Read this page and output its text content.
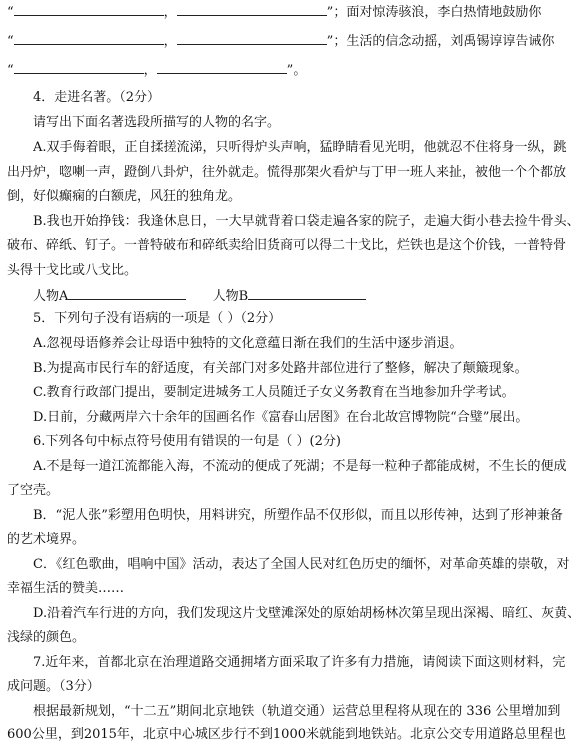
“	，	”；面对惊涛骇浪，李白热情地鼓励你
“	，	”；生活的信念动摇，刘禹锡谆谆告诫你
“	，	”。
4．走进名著。（2分）
请写出下面名著选段所描写的人物的名字。
A.双手侮着眼，正自揉搓流涕，只听得炉头声响，猛睁睛看见光明，他就忍不住将身一纵，跳
出丹炉，唿喇一声，蹬倒八卦炉，往外就走。慌得那架火看炉与丁甲一班人来扯，被他一个个都放
倒，好似癫痫的白额虎，风狂的独角龙。
B.我也开始挣钱：我逢休息日，一大早就背着口袋走遍各家的院子，走遍大街小巷去捡牛骨头、
破布、碎纸、钉子。一普特破布和碎纸卖给旧货商可以得二十戈比，烂铁也是这个价钱，一普特骨
头得十戈比或八戈比。
人物A	人物B
5．下列句子没有语病的一项是（ ）（2分）
A.忽视母语修养会让母语中独特的文化意蕴日渐在我们的生活中逐步消退。
B.为提高市民行车的舒适度，有关部门对多处路井部位进行了整修，解决了颠簸现象。
C.教育行政部门提出，要制定进城务工人员随迁子女义务教育在当地参加升学考试。
D.日前，分藏两岸六十余年的国画名作《富春山居图》在台北故宫博物院“合璧”展出。
6.下列各句中标点符号使用有错误的一句是（ ）(2分)
A.不是每一道江流都能入海，不流动的便成了死湖；不是每一粒种子都能成树，不生长的便成
了空壳。
B．“泥人张”彩塑用色明快，用料讲究，所塑作品不仅形似，而且以形传神，达到了形神兼备
的艺术境界。
C．《红色歌曲，唱响中国》活动，表达了全国人民对红色历史的缅怀，对革命英雄的崇敬，对
幸福生活的赞美……
D.沿着汽车行进的方向，我们发现这片戈壁滩深处的原始胡杨林次第呈现出深褐、暗红、灰黄、
浅绿的颜色。
7.近年来，首都北京在治理道路交通拥堵方面采取了许多有力措施，请阅读下面这则材料，完
成问题。（3分）
根据最新规划，“十二五”期间北京地铁（轨道交通）运营总里程将从现在的 336 公里增加到
600公里，到2015年，北京中心城区步行不到1000米就能到地铁站。北京公交专用道路总里程也
